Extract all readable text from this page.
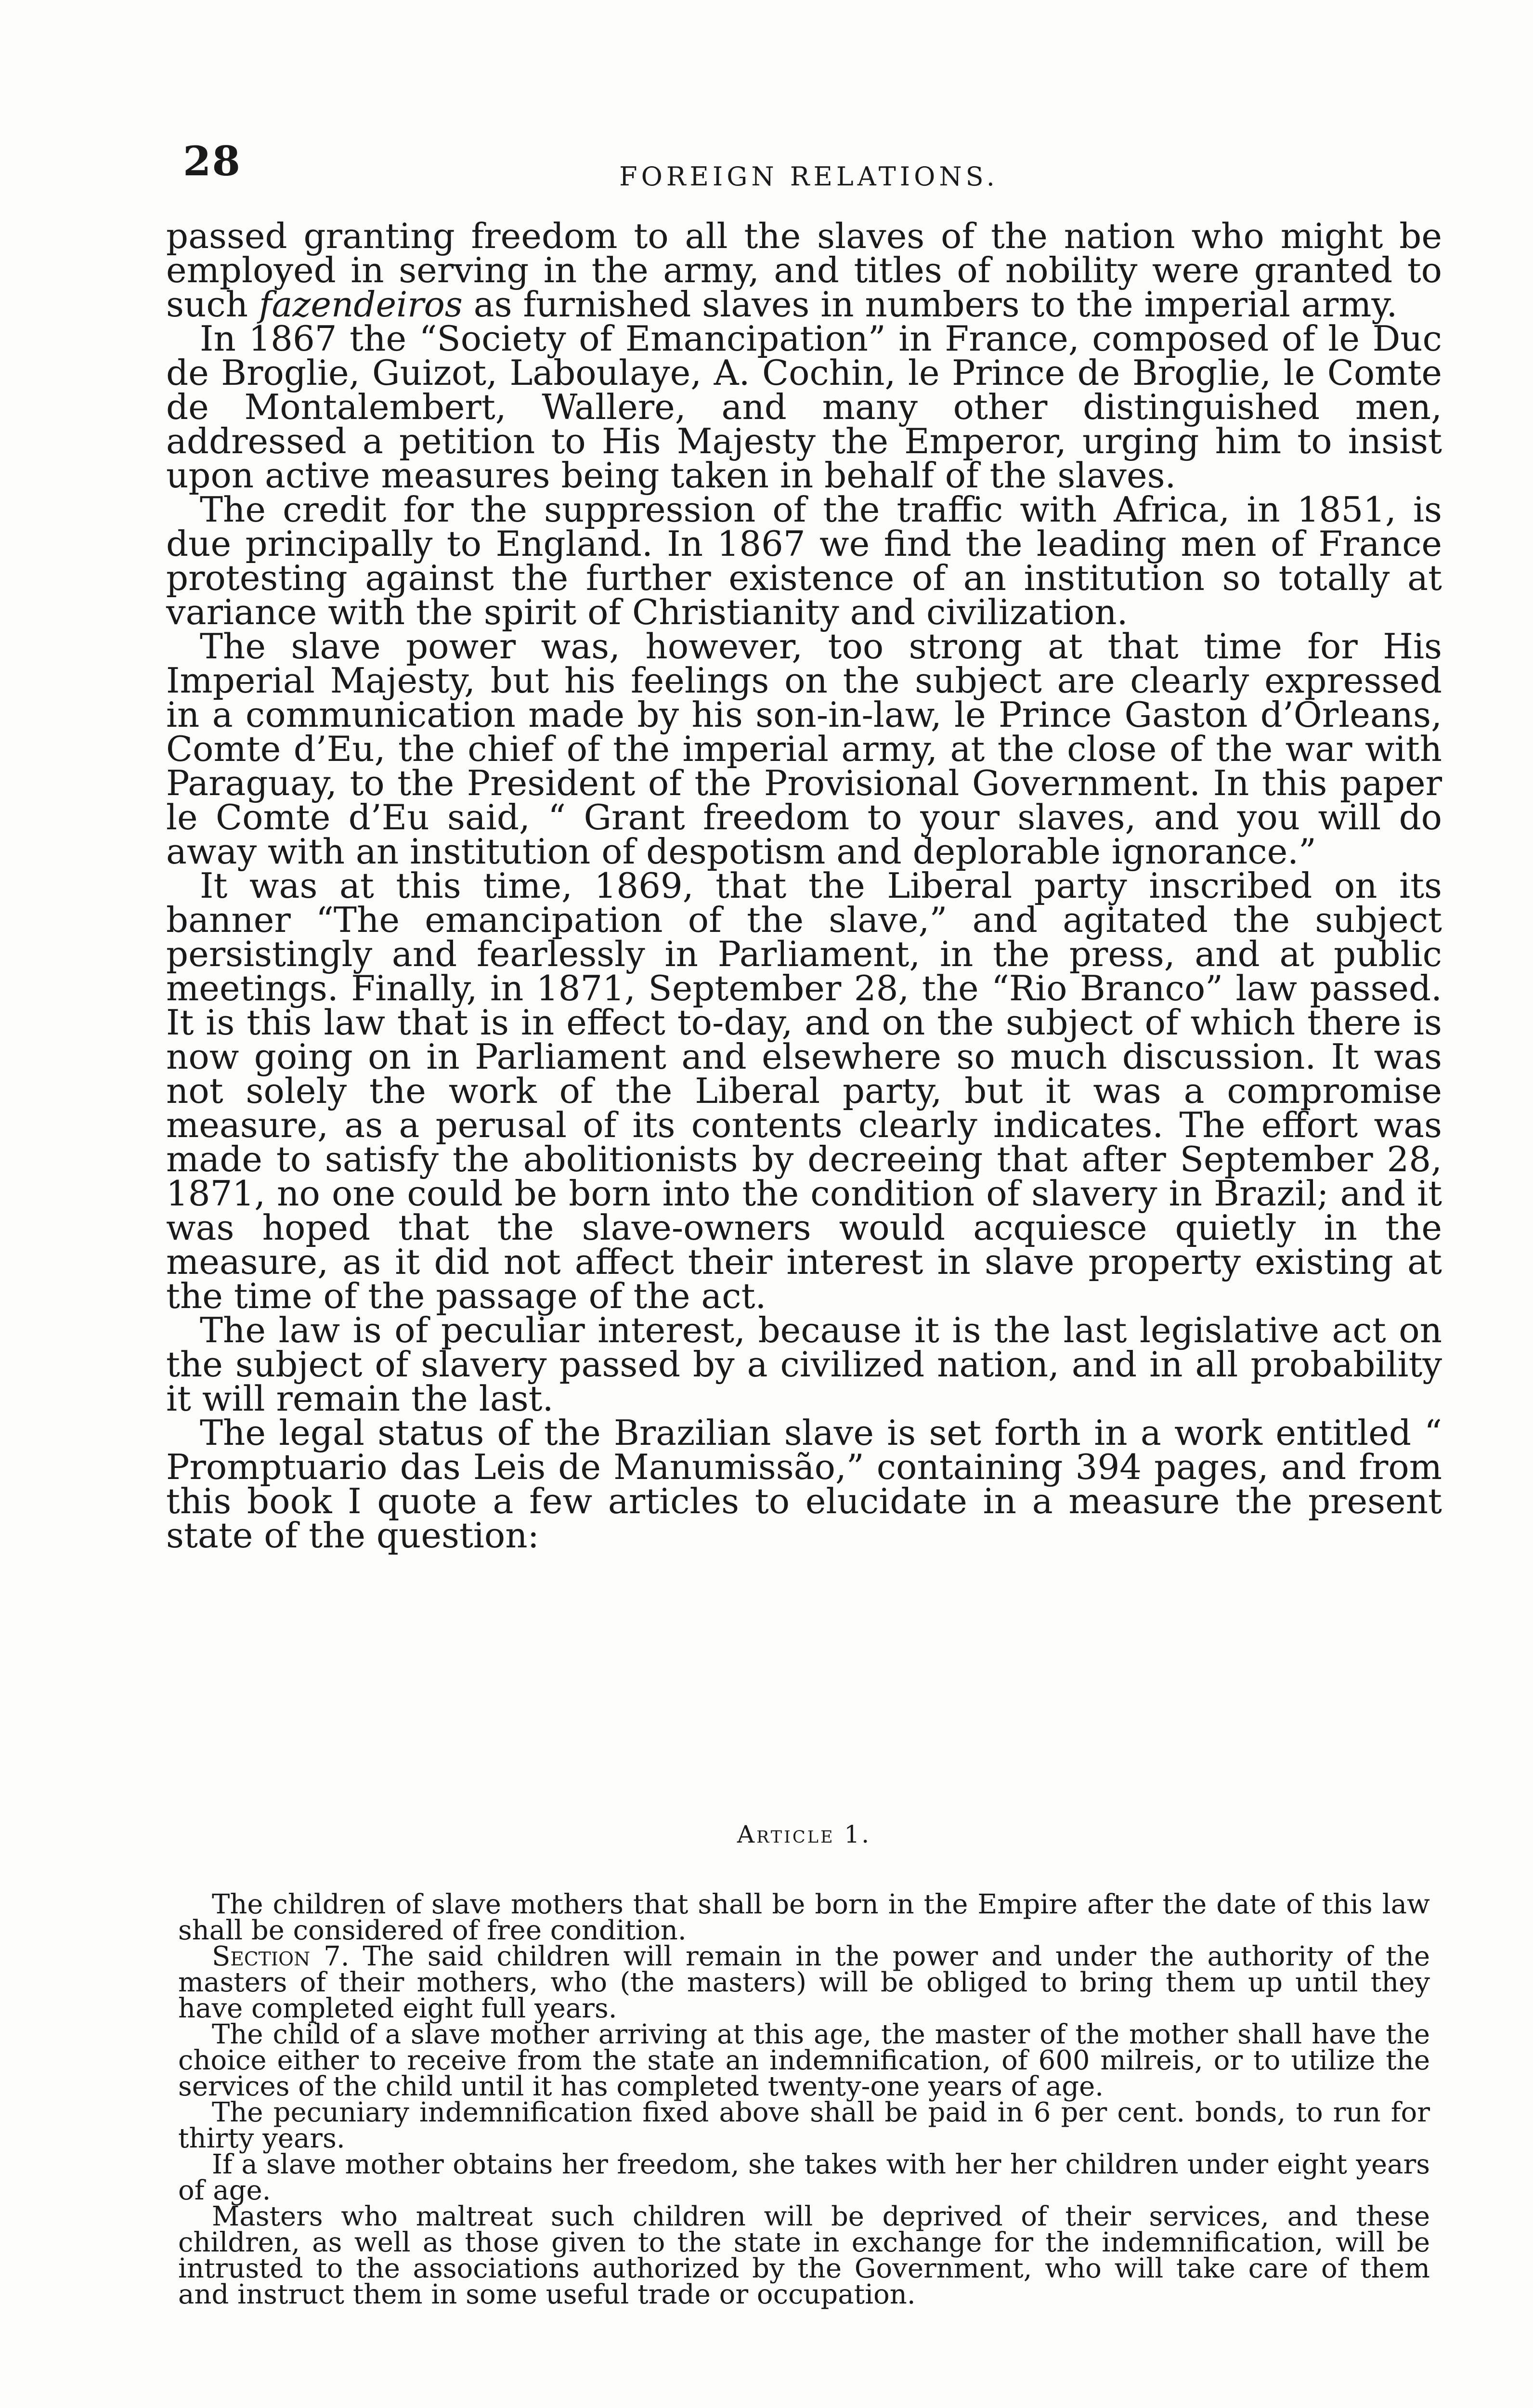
28	FOREIGN RELATIONS.

passed granting freedom to all the slaves of the nation who might be employed in serving in the army, and titles of nobility were granted to such fazendeiros as furnished slaves in numbers to the imperial army.

In 1867 the “Society of Emancipation” in France, composed of le Duc de Broglie, Guizot, Laboulaye, A. Cochin, le Prince de Broglie, le Comte de Montalembert, Wallere, and many other distinguished men, addressed a petition to His Majesty the Emperor, urging him to insist upon active measures being taken in behalf of the slaves.

The credit for the suppression of the traffic with Africa, in 1851, is due principally to England. In 1867 we find the leading men of France protesting against the further existence of an institution so totally at variance with the spirit of Christianity and civilization.

The slave power was, however, too strong at that time for His Imperial Majesty, but his feelings on the subject are clearly expressed in a communication made by his son-in-law, le Prince Gaston d’Orleans, Comte d’Eu, the chief of the imperial army, at the close of the war with Paraguay, to the President of the Provisional Government. In this paper le Comte d’Eu said, “ Grant freedom to your slaves, and you will do away with an institution of despotism and deplorable ignorance.”

It was at this time, 1869, that the Liberal party inscribed on its banner “The emancipation of the slave,” and agitated the subject persistingly and fearlessly in Parliament, in the press, and at public meetings. Finally, in 1871, September 28, the “Rio Branco” law passed. It is this law that is in effect to-day, and on the subject of which there is now going on in Parliament and elsewhere so much discussion. It was not solely the work of the Liberal party, but it was a compromise measure, as a perusal of its contents clearly indicates. The effort was made to satisfy the abolitionists by decreeing that after September 28, 1871, no one could be born into the condition of slavery in Brazil; and it was hoped that the slave-owners would acquiesce quietly in the measure, as it did not affect their interest in slave property existing at the time of the passage of the act.

The law is of peculiar interest, because it is the last legislative act on the subject of slavery passed by a civilized nation, and in all probability it will remain the last.

The legal status of the Brazilian slave is set forth in a work entitled “ Promptuario das Leis de Manumissão,” containing 394 pages, and from this book I quote a few articles to elucidate in a measure the present state of the question:

Article 1.

The children of slave mothers that shall be born in the Empire after the date of this law shall be considered of free condition.

Section 7. The said children will remain in the power and under the authority of the masters of their mothers, who (the masters) will be obliged to bring them up until they have completed eight full years.

The child of a slave mother arriving at this age, the master of the mother shall have the choice either to receive from the state an indemnification, of 600 milreis, or to utilize the services of the child until it has completed twenty-one years of age.

The pecuniary indemnification fixed above shall be paid in 6 per cent. bonds, to run for thirty years.

If a slave mother obtains her freedom, she takes with her her children under eight years of age.

Masters who maltreat such children will be deprived of their services, and these children, as well as those given to the state in exchange for the indemnification, will be intrusted to the associations authorized by the Government, who will take care of them and instruct them in some useful trade or occupation.
